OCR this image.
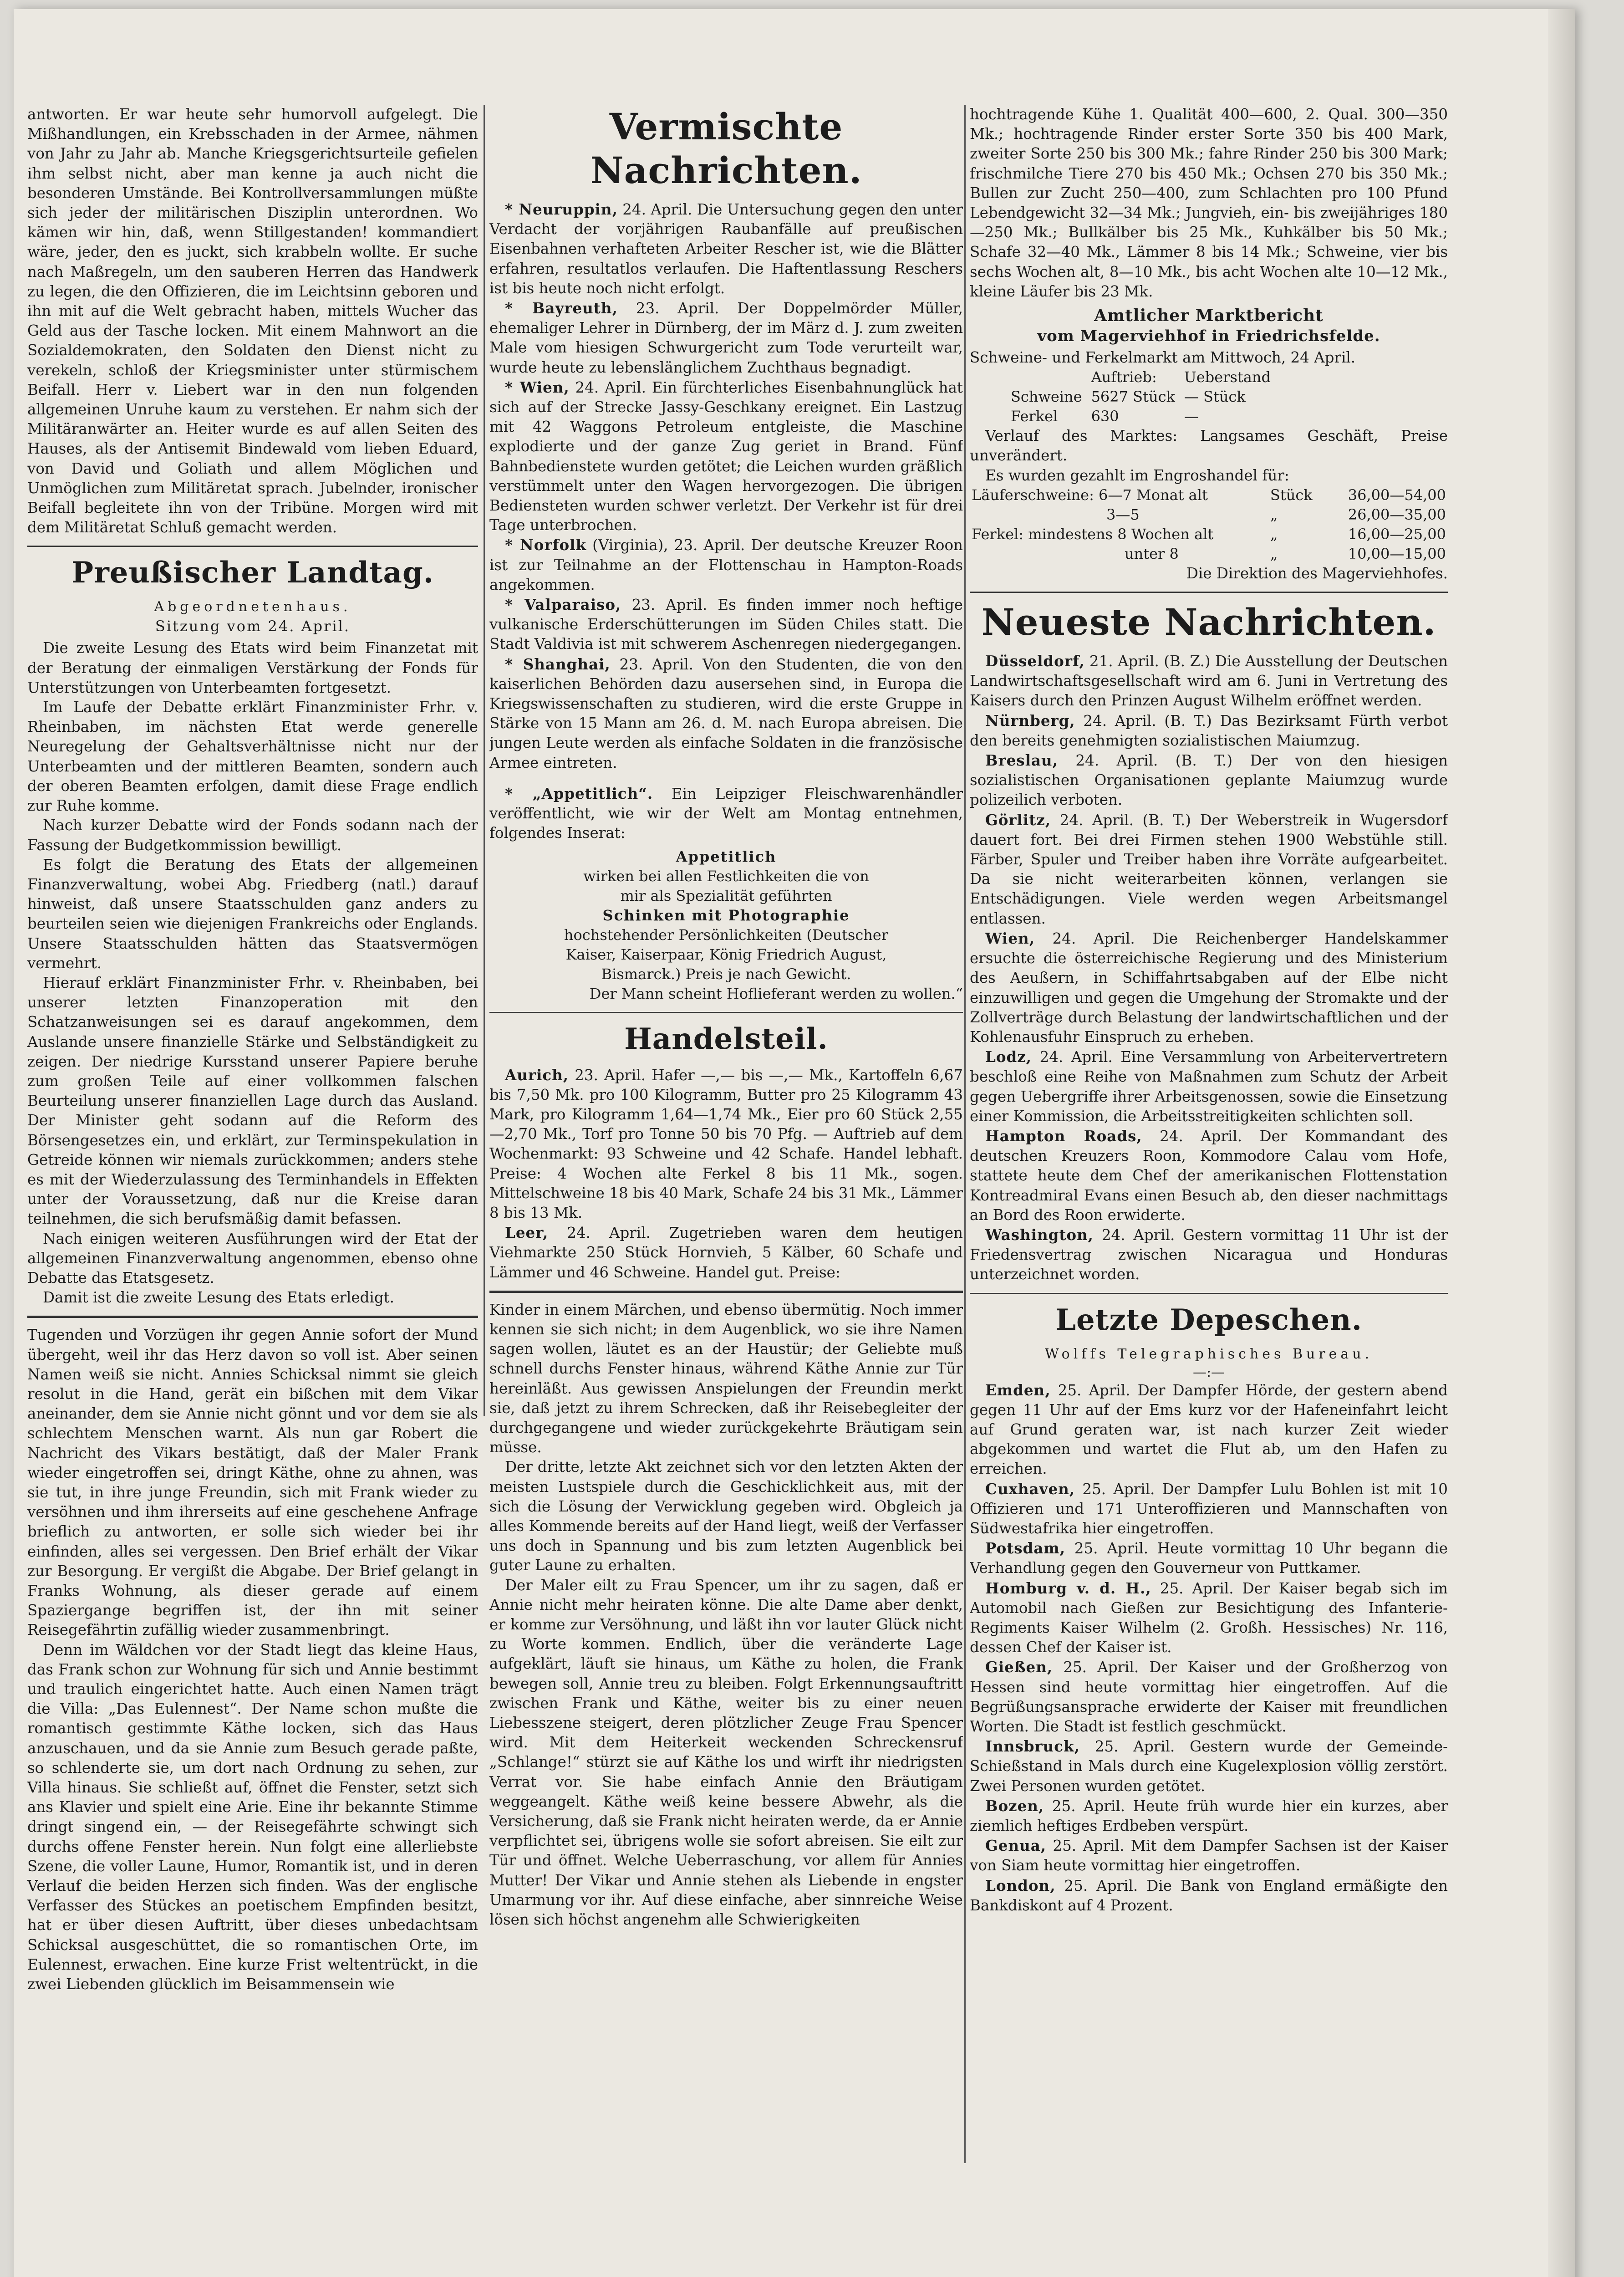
antworten. Er war heute sehr humorvoll aufgelegt. Die Mißhandlungen, ein Krebsschaden in der Armee, nähmen von Jahr zu Jahr ab. Manche Kriegsgerichtsurteile gefielen ihm selbst nicht, aber man kenne ja auch nicht die besonderen Umstände. Bei Kontrollversammlungen müßte sich jeder der militärischen Disziplin unterordnen. Wo kämen wir hin, daß, wenn Stillgestanden! kommandiert wäre, jeder, den es juckt, sich krabbeln wollte. Er suche nach Maßregeln, um den sauberen Herren das Handwerk zu legen, die den Offizieren, die im Leichtsinn geboren und ihn mit auf die Welt gebracht haben, mittels Wucher das Geld aus der Tasche locken. Mit einem Mahnwort an die Sozialdemokraten, den Soldaten den Dienst nicht zu verekeln, schloß der Kriegsminister unter stürmischem Beifall. Herr v. Liebert war in den nun folgenden allgemeinen Unruhe kaum zu verstehen. Er nahm sich der Militäranwärter an. Heiter wurde es auf allen Seiten des Hauses, als der Antisemit Bindewald vom lieben Eduard, von David und Goliath und allem Möglichen und Unmöglichen zum Militäretat sprach. Jubelnder, ironischer Beifall begleitete ihn von der Tribüne. Morgen wird mit dem Militäretat Schluß gemacht werden.

Preußischer Landtag.
Abgeordnetenhaus.
Sitzung vom 24. April.

Die zweite Lesung des Etats wird beim Finanzetat mit der Beratung der einmaligen Verstärkung der Fonds für Unterstützungen von Unterbeamten fortgesetzt.

Im Laufe der Debatte erklärt Finanzminister Frhr. v. Rheinbaben, im nächsten Etat werde generelle Neuregelung der Gehaltsverhältnisse nicht nur der Unterbeamten und der mittleren Beamten, sondern auch der oberen Beamten erfolgen, damit diese Frage endlich zur Ruhe komme.

Nach kurzer Debatte wird der Fonds sodann nach der Fassung der Budgetkommission bewilligt.

Es folgt die Beratung des Etats der allgemeinen Finanzverwaltung, wobei Abg. Friedberg (natl.) darauf hinweist, daß unsere Staatsschulden ganz anders zu beurteilen seien wie diejenigen Frankreichs oder Englands. Unsere Staatsschulden hätten das Staatsvermögen vermehrt.

Hierauf erklärt Finanzminister Frhr. v. Rheinbaben, bei unserer letzten Finanzoperation mit den Schatzanweisungen sei es darauf angekommen, dem Auslande unsere finanzielle Stärke und Selbständigkeit zu zeigen. Der niedrige Kursstand unserer Papiere beruhe zum großen Teile auf einer vollkommen falschen Beurteilung unserer finanziellen Lage durch das Ausland. Der Minister geht sodann auf die Reform des Börsengesetzes ein, und erklärt, zur Terminspekulation in Getreide können wir niemals zurückkommen; anders stehe es mit der Wiederzulassung des Terminhandels in Effekten unter der Voraussetzung, daß nur die Kreise daran teilnehmen, die sich berufsmäßig damit befassen.

Nach einigen weiteren Ausführungen wird der Etat der allgemeinen Finanzverwaltung angenommen, ebenso ohne Debatte das Etatsgesetz.

Damit ist die zweite Lesung des Etats erledigt.

Tugenden und Vorzügen ihr gegen Annie sofort der Mund übergeht, weil ihr das Herz davon so voll ist. Aber seinen Namen weiß sie nicht. Annies Schicksal nimmt sie gleich resolut in die Hand, gerät ein bißchen mit dem Vikar aneinander, dem sie Annie nicht gönnt und vor dem sie als schlechtem Menschen warnt. Als nun gar Robert die Nachricht des Vikars bestätigt, daß der Maler Frank wieder eingetroffen sei, dringt Käthe, ohne zu ahnen, was sie tut, in ihre junge Freundin, sich mit Frank wieder zu versöhnen und ihm ihrerseits auf eine geschehene Anfrage brieflich zu antworten, er solle sich wieder bei ihr einfinden, alles sei vergessen. Den Brief erhält der Vikar zur Besorgung. Er vergißt die Abgabe. Der Brief gelangt in Franks Wohnung, als dieser gerade auf einem Spaziergange begriffen ist, der ihn mit seiner Reisegefährtin zufällig wieder zusammenbringt.

Denn im Wäldchen vor der Stadt liegt das kleine Haus, das Frank schon zur Wohnung für sich und Annie bestimmt und traulich eingerichtet hatte. Auch einen Namen trägt die Villa: „Das Eulennest“. Der Name schon mußte die romantisch gestimmte Käthe locken, sich das Haus anzuschauen, und da sie Annie zum Besuch gerade paßte, so schlenderte sie, um dort nach Ordnung zu sehen, zur Villa hinaus. Sie schließt auf, öffnet die Fenster, setzt sich ans Klavier und spielt eine Arie. Eine ihr bekannte Stimme dringt singend ein, — der Reisegefährte schwingt sich durchs offene Fenster herein. Nun folgt eine allerliebste Szene, die voller Laune, Humor, Romantik ist, und in deren Verlauf die beiden Herzen sich finden. Was der englische Verfasser des Stückes an poetischem Empfinden besitzt, hat er über diesen Auftritt, über dieses unbedachtsam Schicksal ausgeschüttet, die so romantischen Orte, im Eulennest, erwachen. Eine kurze Frist weltentrückt, in die zwei Liebenden glücklich im Beisammensein wie

Vermischte Nachrichten.

* Neuruppin, 24. April. Die Untersuchung gegen den unter Verdacht der vorjährigen Raubanfälle auf preußischen Eisenbahnen verhafteten Arbeiter Rescher ist, wie die Blätter erfahren, resultatlos verlaufen. Die Haftentlassung Reschers ist bis heute noch nicht erfolgt.

* Bayreuth, 23. April. Der Doppelmörder Müller, ehemaliger Lehrer in Dürnberg, der im März d. J. zum zweiten Male vom hiesigen Schwurgericht zum Tode verurteilt war, wurde heute zu lebenslänglichem Zuchthaus begnadigt.

* Wien, 24. April. Ein fürchterliches Eisenbahnunglück hat sich auf der Strecke Jassy-Geschkany ereignet. Ein Lastzug mit 42 Waggons Petroleum entgleiste, die Maschine explodierte und der ganze Zug geriet in Brand. Fünf Bahnbedienstete wurden getötet; die Leichen wurden gräßlich verstümmelt unter den Wagen hervorgezogen. Die übrigen Bediensteten wurden schwer verletzt. Der Verkehr ist für drei Tage unterbrochen.

* Norfolk (Virginia), 23. April. Der deutsche Kreuzer Roon ist zur Teilnahme an der Flottenschau in Hampton-Roads angekommen.

* Valparaiso, 23. April. Es finden immer noch heftige vulkanische Erderschütterungen im Süden Chiles statt. Die Stadt Valdivia ist mit schwerem Aschenregen niedergegangen.

* Shanghai, 23. April. Von den Studenten, die von den kaiserlichen Behörden dazu ausersehen sind, in Europa die Kriegswissenschaften zu studieren, wird die erste Gruppe in Stärke von 15 Mann am 26. d. M. nach Europa abreisen. Die jungen Leute werden als einfache Soldaten in die französische Armee eintreten.

* „Appetitlich“. Ein Leipziger Fleischwarenhändler veröffentlicht, wie wir der Welt am Montag entnehmen, folgendes Inserat:

Appetitlich
wirken bei allen Festlichkeiten die von
mir als Spezialität geführten
Schinken mit Photographie
hochstehender Persönlichkeiten (Deutscher
Kaiser, Kaiserpaar, König Friedrich August,
Bismarck.) Preis je nach Gewicht.
Der Mann scheint Hoflieferant werden zu wollen.“
Handelsteil.

Aurich, 23. April. Hafer —,— bis —,— Mk., Kartoffeln 6,67 bis 7,50 Mk. pro 100 Kilogramm, Butter pro 25 Kilogramm 43 Mark, pro Kilogramm 1,64—1,74 Mk., Eier pro 60 Stück 2,55—2,70 Mk., Torf pro Tonne 50 bis 70 Pfg. — Auftrieb auf dem Wochenmarkt: 93 Schweine und 42 Schafe. Handel lebhaft. Preise: 4 Wochen alte Ferkel 8 bis 11 Mk., sogen. Mittelschweine 18 bis 40 Mark, Schafe 24 bis 31 Mk., Lämmer 8 bis 13 Mk.

Leer, 24. April. Zugetrieben waren dem heutigen Viehmarkte 250 Stück Hornvieh, 5 Kälber, 60 Schafe und Lämmer und 46 Schweine. Handel gut. Preise:

Kinder in einem Märchen, und ebenso übermütig. Noch immer kennen sie sich nicht; in dem Augenblick, wo sie ihre Namen sagen wollen, läutet es an der Haustür; der Geliebte muß schnell durchs Fenster hinaus, während Käthe Annie zur Tür hereinläßt. Aus gewissen Anspielungen der Freundin merkt sie, daß jetzt zu ihrem Schrecken, daß ihr Reisebegleiter der durchgegangene und wieder zurückgekehrte Bräutigam sein müsse.

Der dritte, letzte Akt zeichnet sich vor den letzten Akten der meisten Lustspiele durch die Geschicklichkeit aus, mit der sich die Lösung der Verwicklung gegeben wird. Obgleich ja alles Kommende bereits auf der Hand liegt, weiß der Verfasser uns doch in Spannung und bis zum letzten Augenblick bei guter Laune zu erhalten.

Der Maler eilt zu Frau Spencer, um ihr zu sagen, daß er Annie nicht mehr heiraten könne. Die alte Dame aber denkt, er komme zur Versöhnung, und läßt ihn vor lauter Glück nicht zu Worte kommen. Endlich, über die veränderte Lage aufgeklärt, läuft sie hinaus, um Käthe zu holen, die Frank bewegen soll, Annie treu zu bleiben. Folgt Erkennungsauftritt zwischen Frank und Käthe, weiter bis zu einer neuen Liebesszene steigert, deren plötzlicher Zeuge Frau Spencer wird. Mit dem Heiterkeit weckenden Schreckensruf „Schlange!“ stürzt sie auf Käthe los und wirft ihr niedrigsten Verrat vor. Sie habe einfach Annie den Bräutigam weggeangelt. Käthe weiß keine bessere Abwehr, als die Versicherung, daß sie Frank nicht heiraten werde, da er Annie verpflichtet sei, übrigens wolle sie sofort abreisen. Sie eilt zur Tür und öffnet. Welche Ueberraschung, vor allem für Annies Mutter! Der Vikar und Annie stehen als Liebende in engster Umarmung vor ihr. Auf diese einfache, aber sinnreiche Weise lösen sich höchst angenehm alle Schwierigkeiten

hochtragende Kühe 1. Qualität 400—600, 2. Qual. 300—350 Mk.; hochtragende Rinder erster Sorte 350 bis 400 Mark, zweiter Sorte 250 bis 300 Mk.; fahre Rinder 250 bis 300 Mark; frischmilche Tiere 270 bis 450 Mk.; Ochsen 270 bis 350 Mk.; Bullen zur Zucht 250—400, zum Schlachten pro 100 Pfund Lebendgewicht 32—34 Mk.; Jungvieh, ein- bis zweijähriges 180—250 Mk.; Bullkälber bis 25 Mk., Kuhkälber bis 50 Mk.; Schafe 32—40 Mk., Lämmer 8 bis 14 Mk.; Schweine, vier bis sechs Wochen alt, 8—10 Mk., bis acht Wochen alte 10—12 Mk., kleine Läufer bis 23 Mk.

Amtlicher Marktbericht
vom Magerviehhof in Friedrichsfelde.

Schweine- und Ferkelmarkt am Mittwoch, 24 April.

	Auftrieb:	Ueberstand
Schweine	5627 Stück	— Stück
Ferkel	630	—

Verlauf des Marktes: Langsames Geschäft, Preise unverändert.

Es wurden gezahlt im Engroshandel für:

Läuferschweine: 6—7 Monat alt	Stück	36,00—54,00
3—5	„	26,00—35,00
Ferkel: mindestens 8 Wochen alt	„	16,00—25,00
unter 8	„	10,00—15,00

Die Direktion des Magerviehhofes.

Neueste Nachrichten.

Düsseldorf, 21. April. (B. Z.) Die Ausstellung der Deutschen Landwirtschaftsgesellschaft wird am 6. Juni in Vertretung des Kaisers durch den Prinzen August Wilhelm eröffnet werden.

Nürnberg, 24. April. (B. T.) Das Bezirksamt Fürth verbot den bereits genehmigten sozialistischen Maiumzug.

Breslau, 24. April. (B. T.) Der von den hiesigen sozialistischen Organisationen geplante Maiumzug wurde polizeilich verboten.

Görlitz, 24. April. (B. T.) Der Weberstreik in Wugersdorf dauert fort. Bei drei Firmen stehen 1900 Webstühle still. Färber, Spuler und Treiber haben ihre Vorräte aufgearbeitet. Da sie nicht weiterarbeiten können, verlangen sie Entschädigungen. Viele werden wegen Arbeitsmangel entlassen.

Wien, 24. April. Die Reichenberger Handelskammer ersuchte die österreichische Regierung und des Ministerium des Aeußern, in Schiffahrtsabgaben auf der Elbe nicht einzuwilligen und gegen die Umgehung der Stromakte und der Zollverträge durch Belastung der landwirtschaftlichen und der Kohlenausfuhr Einspruch zu erheben.

Lodz, 24. April. Eine Versammlung von Arbeitervertretern beschloß eine Reihe von Maßnahmen zum Schutz der Arbeit gegen Uebergriffe ihrer Arbeitsgenossen, sowie die Einsetzung einer Kommission, die Arbeitsstreitigkeiten schlichten soll.

Hampton Roads, 24. April. Der Kommandant des deutschen Kreuzers Roon, Kommodore Calau vom Hofe, stattete heute dem Chef der amerikanischen Flottenstation Kontreadmiral Evans einen Besuch ab, den dieser nachmittags an Bord des Roon erwiderte.

Washington, 24. April. Gestern vormittag 11 Uhr ist der Friedensvertrag zwischen Nicaragua und Honduras unterzeichnet worden.

Letzte Depeschen.
Wolffs Telegraphisches Bureau.
—:—

Emden, 25. April. Der Dampfer Hörde, der gestern abend gegen 11 Uhr auf der Ems kurz vor der Hafeneinfahrt leicht auf Grund geraten war, ist nach kurzer Zeit wieder abgekommen und wartet die Flut ab, um den Hafen zu erreichen.

Cuxhaven, 25. April. Der Dampfer Lulu Bohlen ist mit 10 Offizieren und 171 Unteroffizieren und Mannschaften von Südwestafrika hier eingetroffen.

Potsdam, 25. April. Heute vormittag 10 Uhr begann die Verhandlung gegen den Gouverneur von Puttkamer.

Homburg v. d. H., 25. April. Der Kaiser begab sich im Automobil nach Gießen zur Besichtigung des Infanterie-Regiments Kaiser Wilhelm (2. Großh. Hessisches) Nr. 116, dessen Chef der Kaiser ist.

Gießen, 25. April. Der Kaiser und der Großherzog von Hessen sind heute vormittag hier eingetroffen. Auf die Begrüßungsansprache erwiderte der Kaiser mit freundlichen Worten. Die Stadt ist festlich geschmückt.

Innsbruck, 25. April. Gestern wurde der Gemeinde-Schießstand in Mals durch eine Kugelexplosion völlig zerstört. Zwei Personen wurden getötet.

Bozen, 25. April. Heute früh wurde hier ein kurzes, aber ziemlich heftiges Erdbeben verspürt.

Genua, 25. April. Mit dem Dampfer Sachsen ist der Kaiser von Siam heute vormittag hier eingetroffen.

London, 25. April. Die Bank von England ermäßigte den Bankdiskont auf 4 Prozent.
